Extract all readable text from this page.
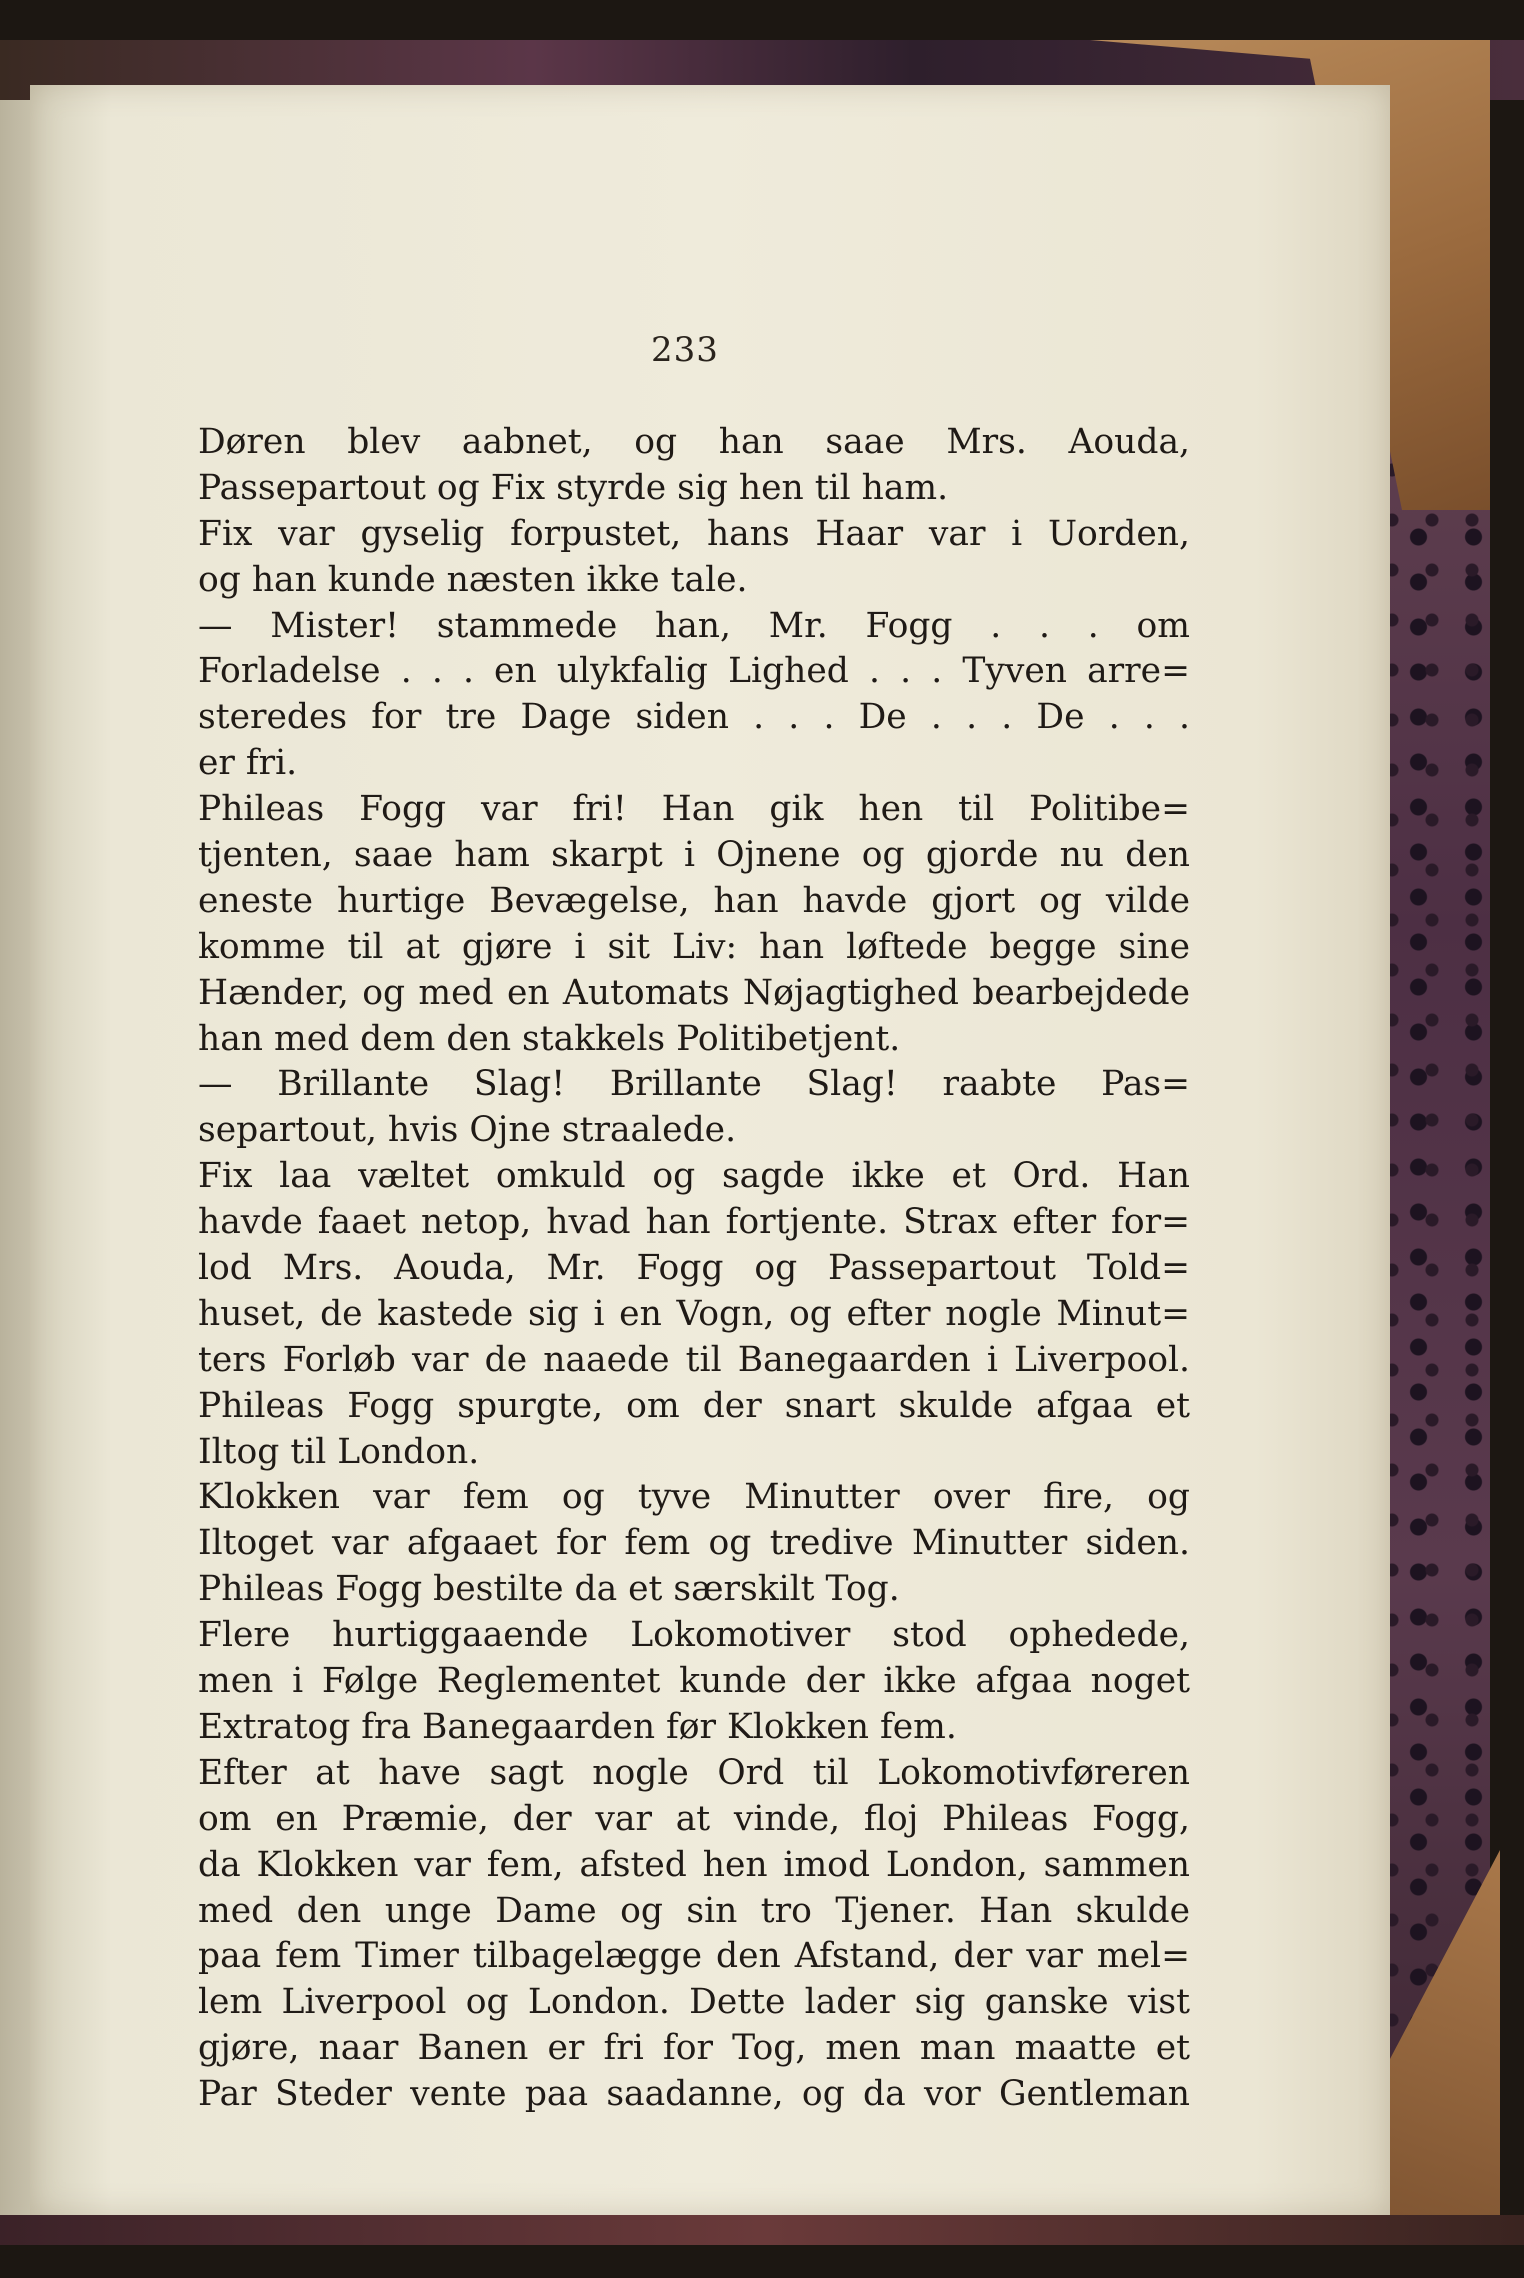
233
Døren blev aabnet, og han saae Mrs. Aouda,
Passepartout og Fix styrde sig hen til ham.
Fix var gyselig forpustet, hans Haar var i Uorden,
og han kunde næsten ikke tale.
— Mister! stammede han, Mr. Fogg . . . om
Forladelse . . . en ulykfalig Lighed . . . Tyven arre=
steredes for tre Dage siden . . . De . . . De . . .
er fri.
Phileas Fogg var fri! Han gik hen til Politibe=
tjenten, saae ham skarpt i Ojnene og gjorde nu den
eneste hurtige Bevægelse, han havde gjort og vilde
komme til at gjøre i sit Liv: han løftede begge sine
Hænder, og med en Automats Nøjagtighed bearbejdede
han med dem den stakkels Politibetjent.
— Brillante Slag! Brillante Slag! raabte Pas=
separtout, hvis Ojne straalede.
Fix laa væltet omkuld og sagde ikke et Ord. Han
havde faaet netop, hvad han fortjente. Strax efter for=
lod Mrs. Aouda, Mr. Fogg og Passepartout Told=
huset, de kastede sig i en Vogn, og efter nogle Minut=
ters Forløb var de naaede til Banegaarden i Liverpool.
Phileas Fogg spurgte, om der snart skulde afgaa et
Iltog til London.
Klokken var fem og tyve Minutter over fire, og
Iltoget var afgaaet for fem og tredive Minutter siden.
Phileas Fogg bestilte da et særskilt Tog.
Flere hurtiggaaende Lokomotiver stod ophedede,
men i Følge Reglementet kunde der ikke afgaa noget
Extratog fra Banegaarden før Klokken fem.
Efter at have sagt nogle Ord til Lokomotivføreren
om en Præmie, der var at vinde, floj Phileas Fogg,
da Klokken var fem, afsted hen imod London, sammen
med den unge Dame og sin tro Tjener. Han skulde
paa fem Timer tilbagelægge den Afstand, der var mel=
lem Liverpool og London. Dette lader sig ganske vist
gjøre, naar Banen er fri for Tog, men man maatte et
Par Steder vente paa saadanne, og da vor Gentleman
